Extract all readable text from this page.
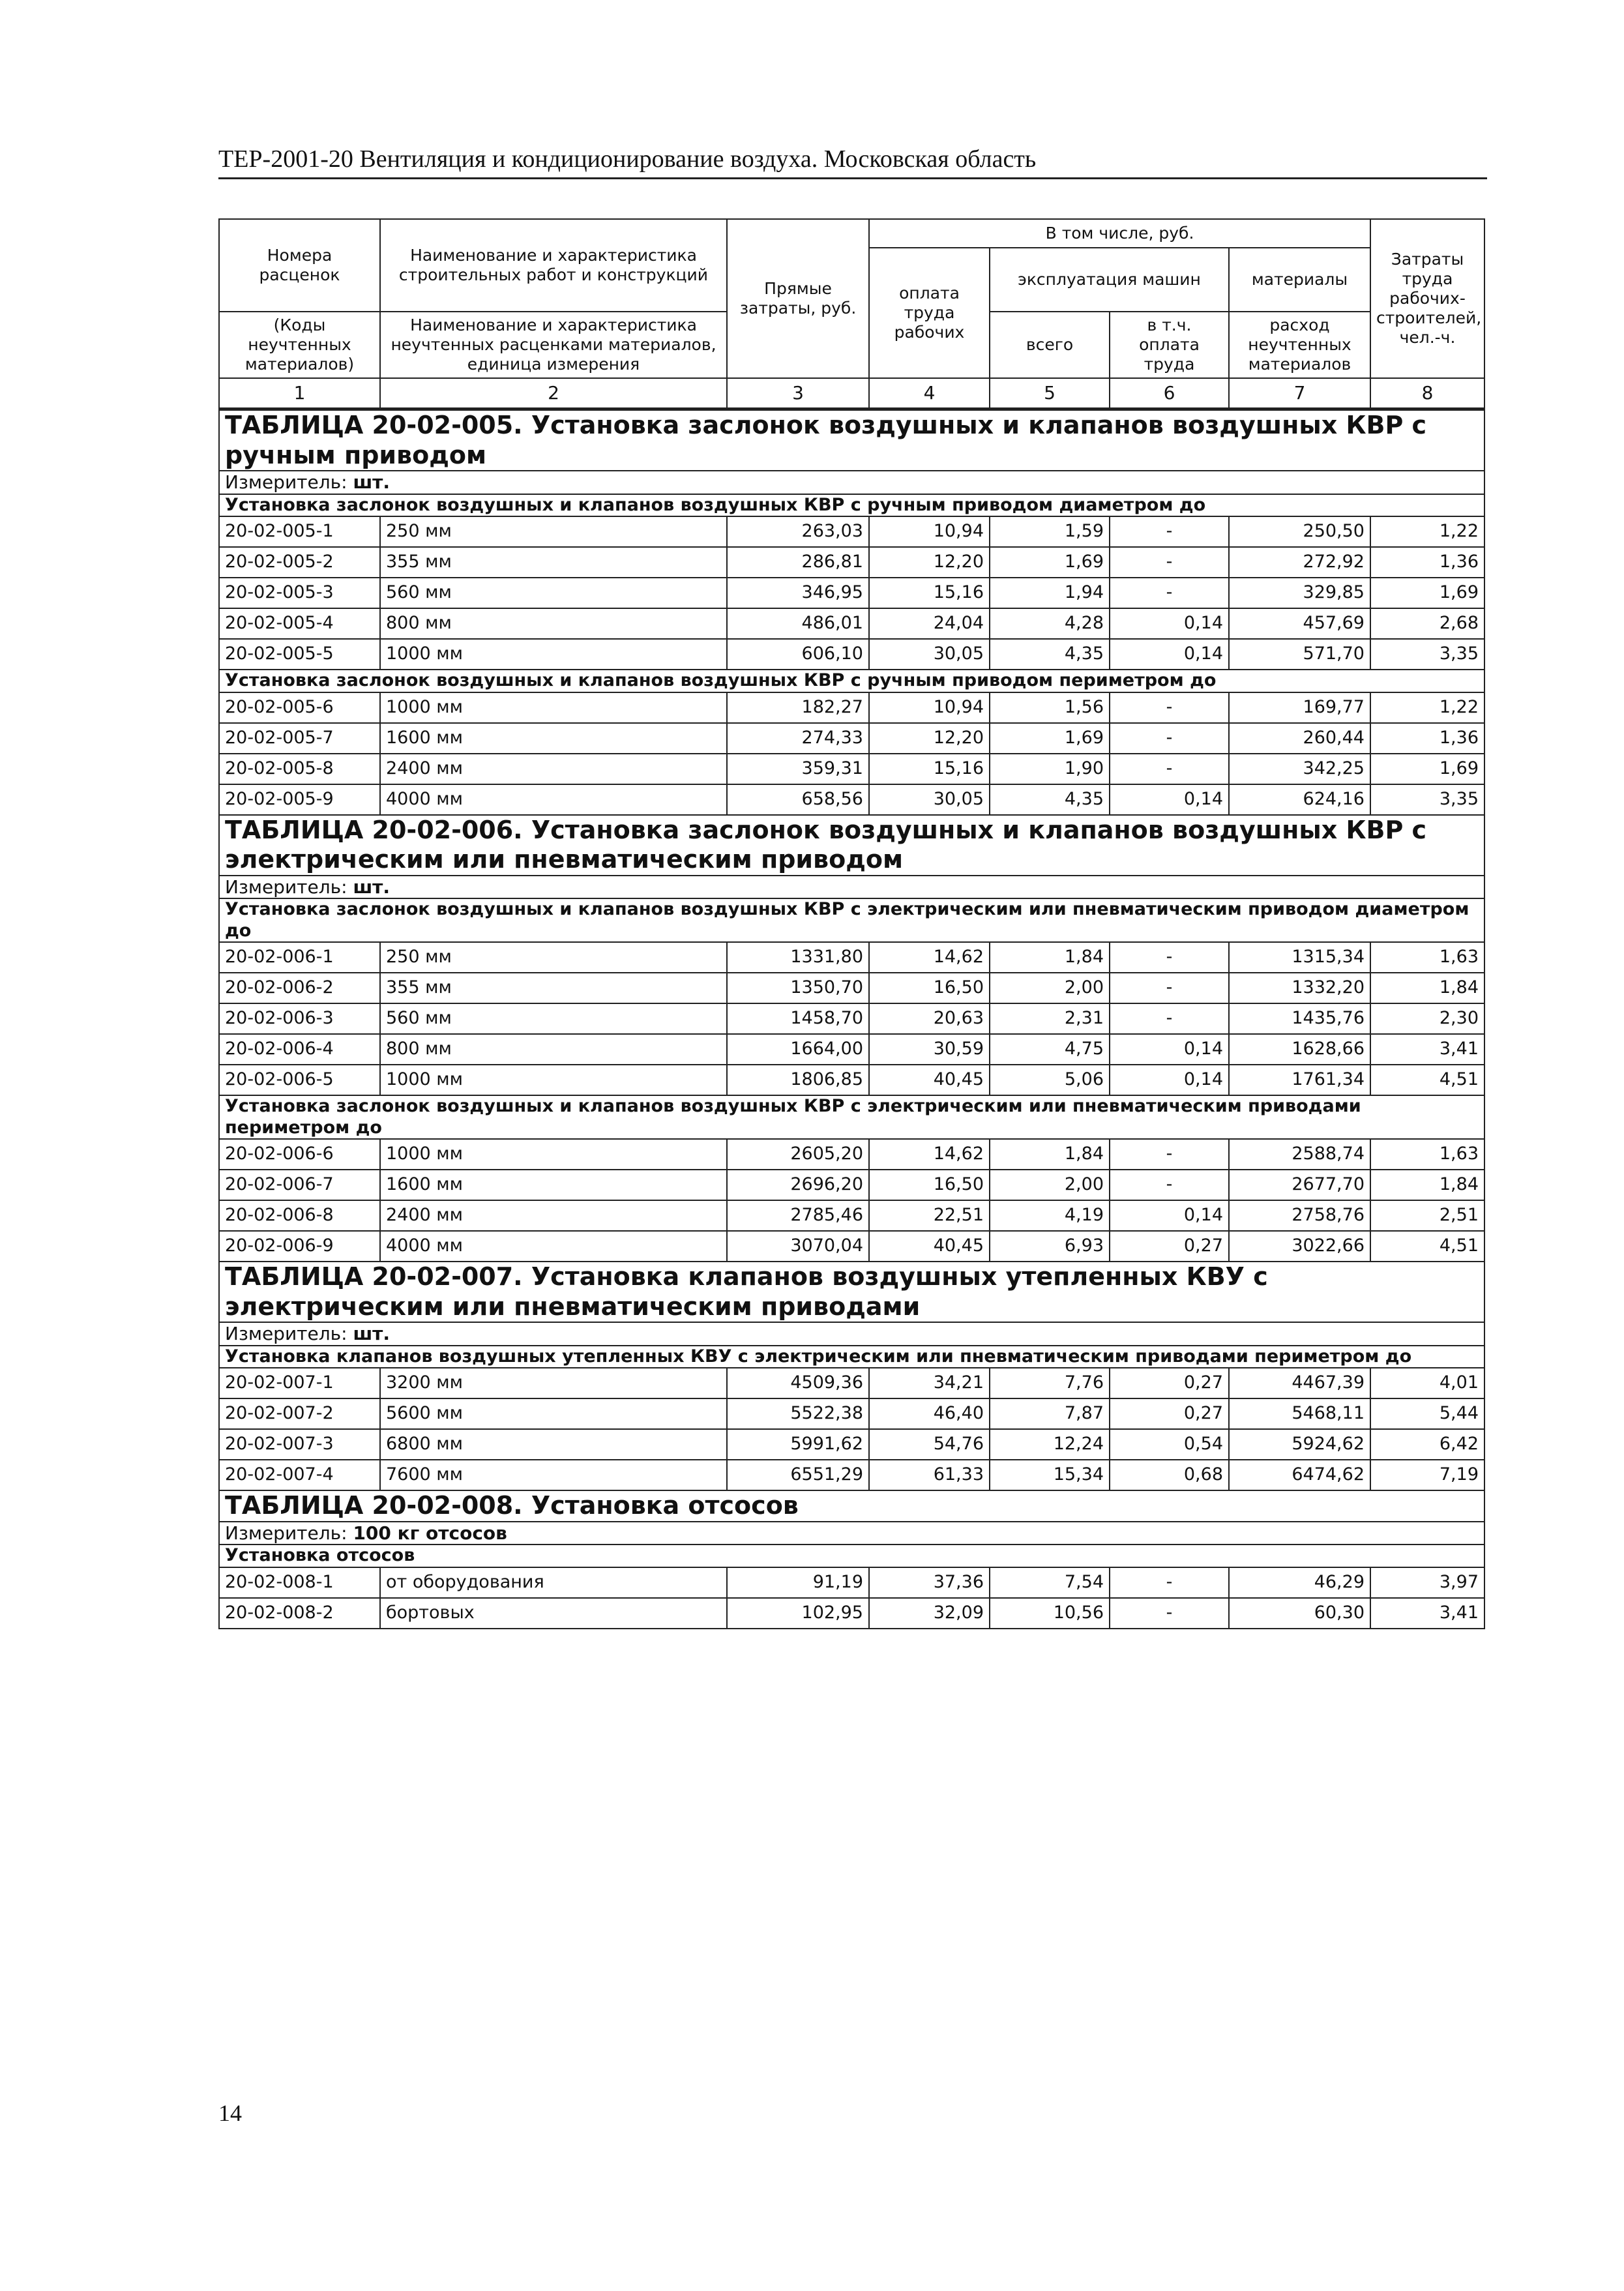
ТЕР-2001-20 Вентиляция и кондиционирование воздуха. Московская область
Номера расценок	Наименование и характеристика строительных работ и конструкций	Прямые затраты, руб.	В том числе, руб.				Затраты труда рабочих-строителей, чел.-ч.
			оплата труда рабочих	эксплуатация машин		материалы	

(Коды неучтенных материалов)	Наименование и характеристика неучтенных расценками материалов, единица измерения			всего	в т.ч. оплата труда	расход неучтенных материалов	

1	2	3	4	5	6	7	8
ТАБЛИЦА 20-02-005. Установка заслонок воздушных и клапанов воздушных КВР с ручным приводом							
Измеритель: шт.							
Установка заслонок воздушных и клапанов воздушных КВР с ручным приводом диаметром до							
20-02-005-1	250 мм	263,03	10,94	1,59	-	250,50	1,22
20-02-005-2	355 мм	286,81	12,20	1,69	-	272,92	1,36
20-02-005-3	560 мм	346,95	15,16	1,94	-	329,85	1,69
20-02-005-4	800 мм	486,01	24,04	4,28	0,14	457,69	2,68
20-02-005-5	1000 мм	606,10	30,05	4,35	0,14	571,70	3,35
Установка заслонок воздушных и клапанов воздушных КВР с ручным приводом периметром до							
20-02-005-6	1000 мм	182,27	10,94	1,56	-	169,77	1,22
20-02-005-7	1600 мм	274,33	12,20	1,69	-	260,44	1,36
20-02-005-8	2400 мм	359,31	15,16	1,90	-	342,25	1,69
20-02-005-9	4000 мм	658,56	30,05	4,35	0,14	624,16	3,35
ТАБЛИЦА 20-02-006. Установка заслонок воздушных и клапанов воздушных КВР с электрическим или пневматическим приводом							
Измеритель: шт.							
Установка заслонок воздушных и клапанов воздушных КВР с электрическим или пневматическим приводом диаметром до							
20-02-006-1	250 мм	1331,80	14,62	1,84	-	1315,34	1,63
20-02-006-2	355 мм	1350,70	16,50	2,00	-	1332,20	1,84
20-02-006-3	560 мм	1458,70	20,63	2,31	-	1435,76	2,30
20-02-006-4	800 мм	1664,00	30,59	4,75	0,14	1628,66	3,41
20-02-006-5	1000 мм	1806,85	40,45	5,06	0,14	1761,34	4,51
Установка заслонок воздушных и клапанов воздушных КВР с электрическим или пневматическим приводами периметром до							
20-02-006-6	1000 мм	2605,20	14,62	1,84	-	2588,74	1,63
20-02-006-7	1600 мм	2696,20	16,50	2,00	-	2677,70	1,84
20-02-006-8	2400 мм	2785,46	22,51	4,19	0,14	2758,76	2,51
20-02-006-9	4000 мм	3070,04	40,45	6,93	0,27	3022,66	4,51
ТАБЛИЦА 20-02-007. Установка клапанов воздушных утепленных КВУ с электрическим или пневматическим приводами							
Измеритель: шт.							
Установка клапанов воздушных утепленных КВУ с электрическим или пневматическим приводами периметром до							
20-02-007-1	3200 мм	4509,36	34,21	7,76	0,27	4467,39	4,01
20-02-007-2	5600 мм	5522,38	46,40	7,87	0,27	5468,11	5,44
20-02-007-3	6800 мм	5991,62	54,76	12,24	0,54	5924,62	6,42
20-02-007-4	7600 мм	6551,29	61,33	15,34	0,68	6474,62	7,19
ТАБЛИЦА 20-02-008. Установка отсосов							
Измеритель: 100 кг отсосов							
Установка отсосов							
20-02-008-1	от оборудования	91,19	37,36	7,54	-	46,29	3,97
20-02-008-2	бортовых	102,95	32,09	10,56	-	60,30	3,41
14
